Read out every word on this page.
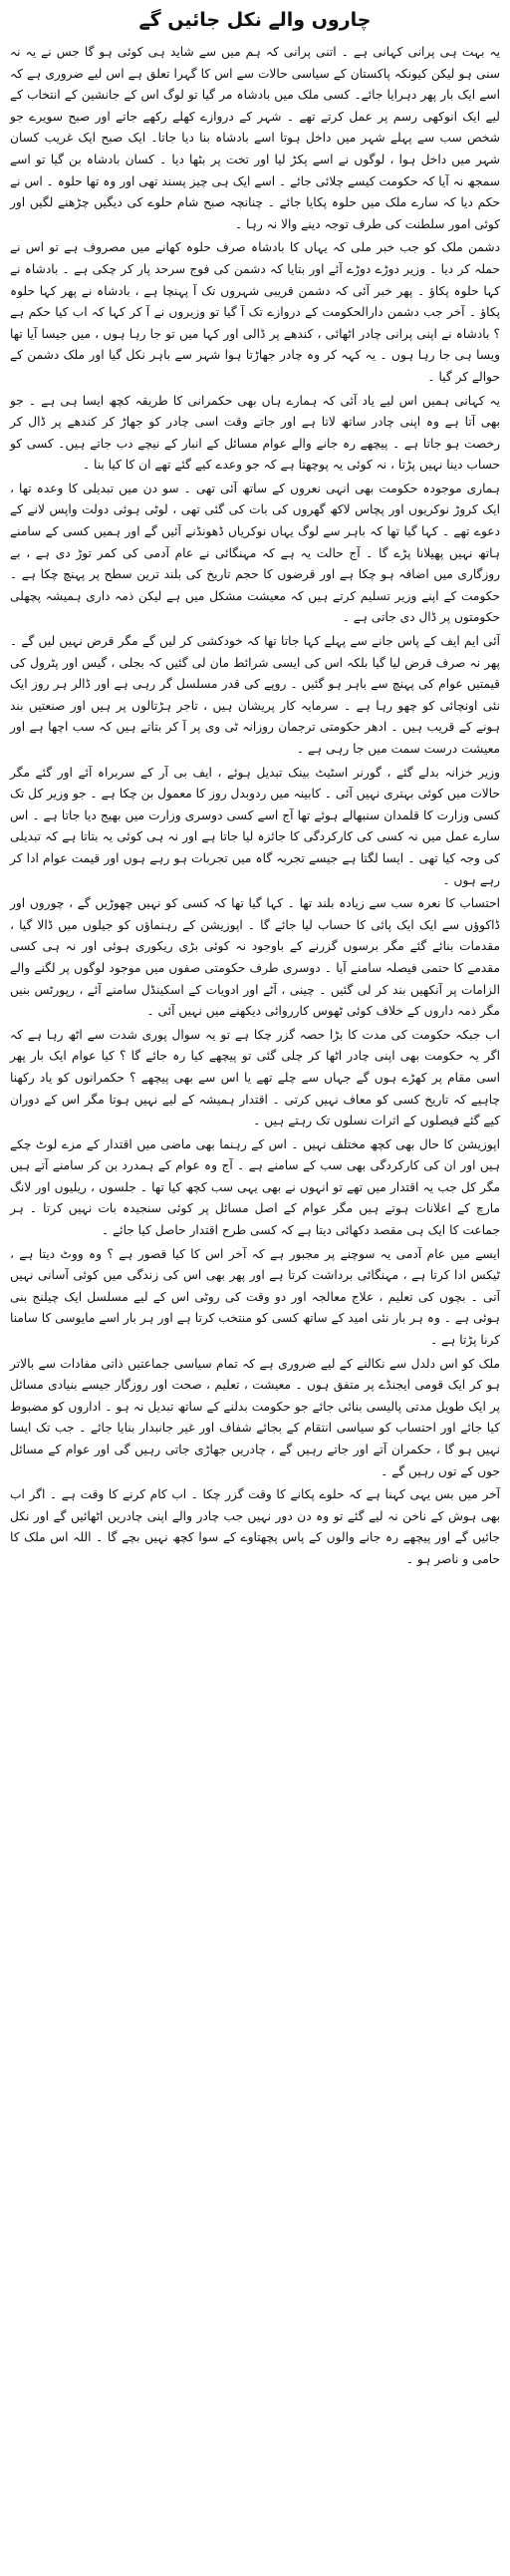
چاروں والے نکل جائیں گے

یہ بہت ہی پرانی کہانی ہے ۔ اتنی پرانی کہ ہم میں سے شاید ہی کوئی ہو گا جس نے یہ نہ سنی ہو لیکن کیونکہ پاکستان کے سیاسی حالات سے اس کا گہرا تعلق ہے اس لیے ضروری ہے کہ اسے ایک بار پھر دہرایا جائے۔ کسی ملک میں بادشاہ مر گیا تو لوگ اس کے جانشین کے انتخاب کے لیے ایک انوکھی رسم پر عمل کرتے تھے ۔ شہر کے دروازے کھلے رکھے جاتے اور صبح سویرے جو شخص سب سے پہلے شہر میں داخل ہوتا اسے بادشاہ بنا دیا جاتا۔ ایک صبح ایک غریب کسان شہر میں داخل ہوا ، لوگوں نے اسے پکڑ لیا اور تخت پر بٹھا دیا ۔ کسان بادشاہ بن گیا تو اسے سمجھ نہ آیا کہ حکومت کیسے چلائی جائے ۔ اسے ایک ہی چیز پسند تھی اور وہ تھا حلوہ ۔ اس نے حکم دیا کہ سارے ملک میں حلوہ پکایا جائے ۔ چنانچہ صبح شام حلوے کی دیگیں چڑھنے لگیں اور کوئی امور سلطنت کی طرف توجہ دینے والا نہ رہا ۔

دشمن ملک کو جب خبر ملی کہ یہاں کا بادشاہ صرف حلوہ کھانے میں مصروف ہے تو اس نے حملہ کر دیا ۔ وزیر دوڑے دوڑے آئے اور بتایا کہ دشمن کی فوج سرحد پار کر چکی ہے ۔ بادشاہ نے کہا حلوہ پکاؤ ۔ پھر خبر آئی کہ دشمن قریبی شہروں تک آ پہنچا ہے ، بادشاہ نے پھر کہا حلوہ پکاؤ ۔ آخر جب دشمن دارالحکومت کے دروازے تک آ گیا تو وزیروں نے آ کر کہا کہ اب کیا حکم ہے ؟ بادشاہ نے اپنی پرانی چادر اٹھائی ، کندھے پر ڈالی اور کہا میں تو جا رہا ہوں ، میں جیسا آیا تھا ویسا ہی جا رہا ہوں ۔ یہ کہہ کر وہ چادر جھاڑتا ہوا شہر سے باہر نکل گیا اور ملک دشمن کے حوالے کر گیا ۔

یہ کہانی ہمیں اس لیے یاد آئی کہ ہمارے ہاں بھی حکمرانی کا طریقہ کچھ ایسا ہی ہے ۔ جو بھی آتا ہے وہ اپنی چادر ساتھ لاتا ہے اور جاتے وقت اسی چادر کو جھاڑ کر کندھے پر ڈال کر رخصت ہو جاتا ہے ۔ پیچھے رہ جانے والے عوام مسائل کے انبار کے نیچے دب جاتے ہیں۔ کسی کو حساب دینا نہیں پڑتا ، نہ کوئی یہ پوچھتا ہے کہ جو وعدے کیے گئے تھے ان کا کیا بنا ۔

ہماری موجودہ حکومت بھی انہی نعروں کے ساتھ آئی تھی ۔ سو دن میں تبدیلی کا وعدہ تھا ، ایک کروڑ نوکریوں اور پچاس لاکھ گھروں کی بات کی گئی تھی ، لوٹی ہوئی دولت واپس لانے کے دعوے تھے ۔ کہا گیا تھا کہ باہر سے لوگ یہاں نوکریاں ڈھونڈنے آئیں گے اور ہمیں کسی کے سامنے ہاتھ نہیں پھیلانا پڑے گا ۔ آج حالت یہ ہے کہ مہنگائی نے عام آدمی کی کمر توڑ دی ہے ، بے روزگاری میں اضافہ ہو چکا ہے اور قرضوں کا حجم تاریخ کی بلند ترین سطح پر پہنچ چکا ہے ۔ حکومت کے اپنے وزیر تسلیم کرتے ہیں کہ معیشت مشکل میں ہے لیکن ذمہ داری ہمیشہ پچھلی حکومتوں پر ڈال دی جاتی ہے ۔

آئی ایم ایف کے پاس جانے سے پہلے کہا جاتا تھا کہ خودکشی کر لیں گے مگر قرض نہیں لیں گے ۔ پھر نہ صرف قرض لیا گیا بلکہ اس کی ایسی شرائط مان لی گئیں کہ بجلی ، گیس اور پٹرول کی قیمتیں عوام کی پہنچ سے باہر ہو گئیں ۔ روپے کی قدر مسلسل گر رہی ہے اور ڈالر ہر روز ایک نئی اونچائی کو چھو رہا ہے ۔ سرمایہ کار پریشان ہیں ، تاجر ہڑتالوں پر ہیں اور صنعتیں بند ہونے کے قریب ہیں ۔ ادھر حکومتی ترجمان روزانہ ٹی وی پر آ کر بتاتے ہیں کہ سب اچھا ہے اور معیشت درست سمت میں جا رہی ہے ۔

وزیر خزانہ بدلے گئے ، گورنر اسٹیٹ بینک تبدیل ہوئے ، ایف بی آر کے سربراہ آئے اور گئے مگر حالات میں کوئی بہتری نہیں آئی ۔ کابینہ میں ردوبدل روز کا معمول بن چکا ہے ۔ جو وزیر کل تک کسی وزارت کا قلمدان سنبھالے ہوئے تھا آج اسے کسی دوسری وزارت میں بھیج دیا جاتا ہے ۔ اس سارے عمل میں نہ کسی کی کارکردگی کا جائزہ لیا جاتا ہے اور نہ ہی کوئی یہ بتاتا ہے کہ تبدیلی کی وجہ کیا تھی ۔ ایسا لگتا ہے جیسے تجربہ گاہ میں تجربات ہو رہے ہوں اور قیمت عوام ادا کر رہے ہوں ۔

احتساب کا نعرہ سب سے زیادہ بلند تھا ۔ کہا گیا تھا کہ کسی کو نہیں چھوڑیں گے ، چوروں اور ڈاکوؤں سے ایک ایک پائی کا حساب لیا جائے گا ۔ اپوزیشن کے رہنماؤں کو جیلوں میں ڈالا گیا ، مقدمات بنائے گئے مگر برسوں گزرنے کے باوجود نہ کوئی بڑی ریکوری ہوئی اور نہ ہی کسی مقدمے کا حتمی فیصلہ سامنے آیا ۔ دوسری طرف حکومتی صفوں میں موجود لوگوں پر لگنے والے الزامات پر آنکھیں بند کر لی گئیں ۔ چینی ، آٹے اور ادویات کے اسکینڈل سامنے آئے ، رپورٹس بنیں مگر ذمہ داروں کے خلاف کوئی ٹھوس کارروائی دیکھنے میں نہیں آئی ۔

اب جبکہ حکومت کی مدت کا بڑا حصہ گزر چکا ہے تو یہ سوال پوری شدت سے اٹھ رہا ہے کہ اگر یہ حکومت بھی اپنی چادر اٹھا کر چلی گئی تو پیچھے کیا رہ جائے گا ؟ کیا عوام ایک بار پھر اسی مقام پر کھڑے ہوں گے جہاں سے چلے تھے یا اس سے بھی پیچھے ؟ حکمرانوں کو یاد رکھنا چاہیے کہ تاریخ کسی کو معاف نہیں کرتی ۔ اقتدار ہمیشہ کے لیے نہیں ہوتا مگر اس کے دوران کیے گئے فیصلوں کے اثرات نسلوں تک رہتے ہیں ۔

اپوزیشن کا حال بھی کچھ مختلف نہیں ۔ اس کے رہنما بھی ماضی میں اقتدار کے مزے لوٹ چکے ہیں اور ان کی کارکردگی بھی سب کے سامنے ہے ۔ آج وہ عوام کے ہمدرد بن کر سامنے آتے ہیں مگر کل جب یہ اقتدار میں تھے تو انہوں نے بھی یہی سب کچھ کیا تھا ۔ جلسوں ، ریلیوں اور لانگ مارچ کے اعلانات ہوتے ہیں مگر عوام کے اصل مسائل پر کوئی سنجیدہ بات نہیں کرتا ۔ ہر جماعت کا ایک ہی مقصد دکھائی دیتا ہے کہ کسی طرح اقتدار حاصل کیا جائے ۔

ایسے میں عام آدمی یہ سوچنے پر مجبور ہے کہ آخر اس کا کیا قصور ہے ؟ وہ ووٹ دیتا ہے ، ٹیکس ادا کرتا ہے ، مہنگائی برداشت کرتا ہے اور پھر بھی اس کی زندگی میں کوئی آسانی نہیں آتی ۔ بچوں کی تعلیم ، علاج معالجہ اور دو وقت کی روٹی اس کے لیے مسلسل ایک چیلنج بنی ہوئی ہے ۔ وہ ہر بار نئی امید کے ساتھ کسی کو منتخب کرتا ہے اور ہر بار اسے مایوسی کا سامنا کرنا پڑتا ہے ۔

ملک کو اس دلدل سے نکالنے کے لیے ضروری ہے کہ تمام سیاسی جماعتیں ذاتی مفادات سے بالاتر ہو کر ایک قومی ایجنڈے پر متفق ہوں ۔ معیشت ، تعلیم ، صحت اور روزگار جیسے بنیادی مسائل پر ایک طویل مدتی پالیسی بنائی جائے جو حکومت بدلنے کے ساتھ تبدیل نہ ہو ۔ اداروں کو مضبوط کیا جائے اور احتساب کو سیاسی انتقام کے بجائے شفاف اور غیر جانبدار بنایا جائے ۔ جب تک ایسا نہیں ہو گا ، حکمران آتے اور جاتے رہیں گے ، چادریں جھاڑی جاتی رہیں گی اور عوام کے مسائل جوں کے توں رہیں گے ۔

آخر میں بس یہی کہنا ہے کہ حلوے پکانے کا وقت گزر چکا ۔ اب کام کرنے کا وقت ہے ۔ اگر اب بھی ہوش کے ناخن نہ لیے گئے تو وہ دن دور نہیں جب چادر والے اپنی چادریں اٹھائیں گے اور نکل جائیں گے اور پیچھے رہ جانے والوں کے پاس پچھتاوے کے سوا کچھ نہیں بچے گا ۔ اللہ اس ملک کا حامی و ناصر ہو ۔
